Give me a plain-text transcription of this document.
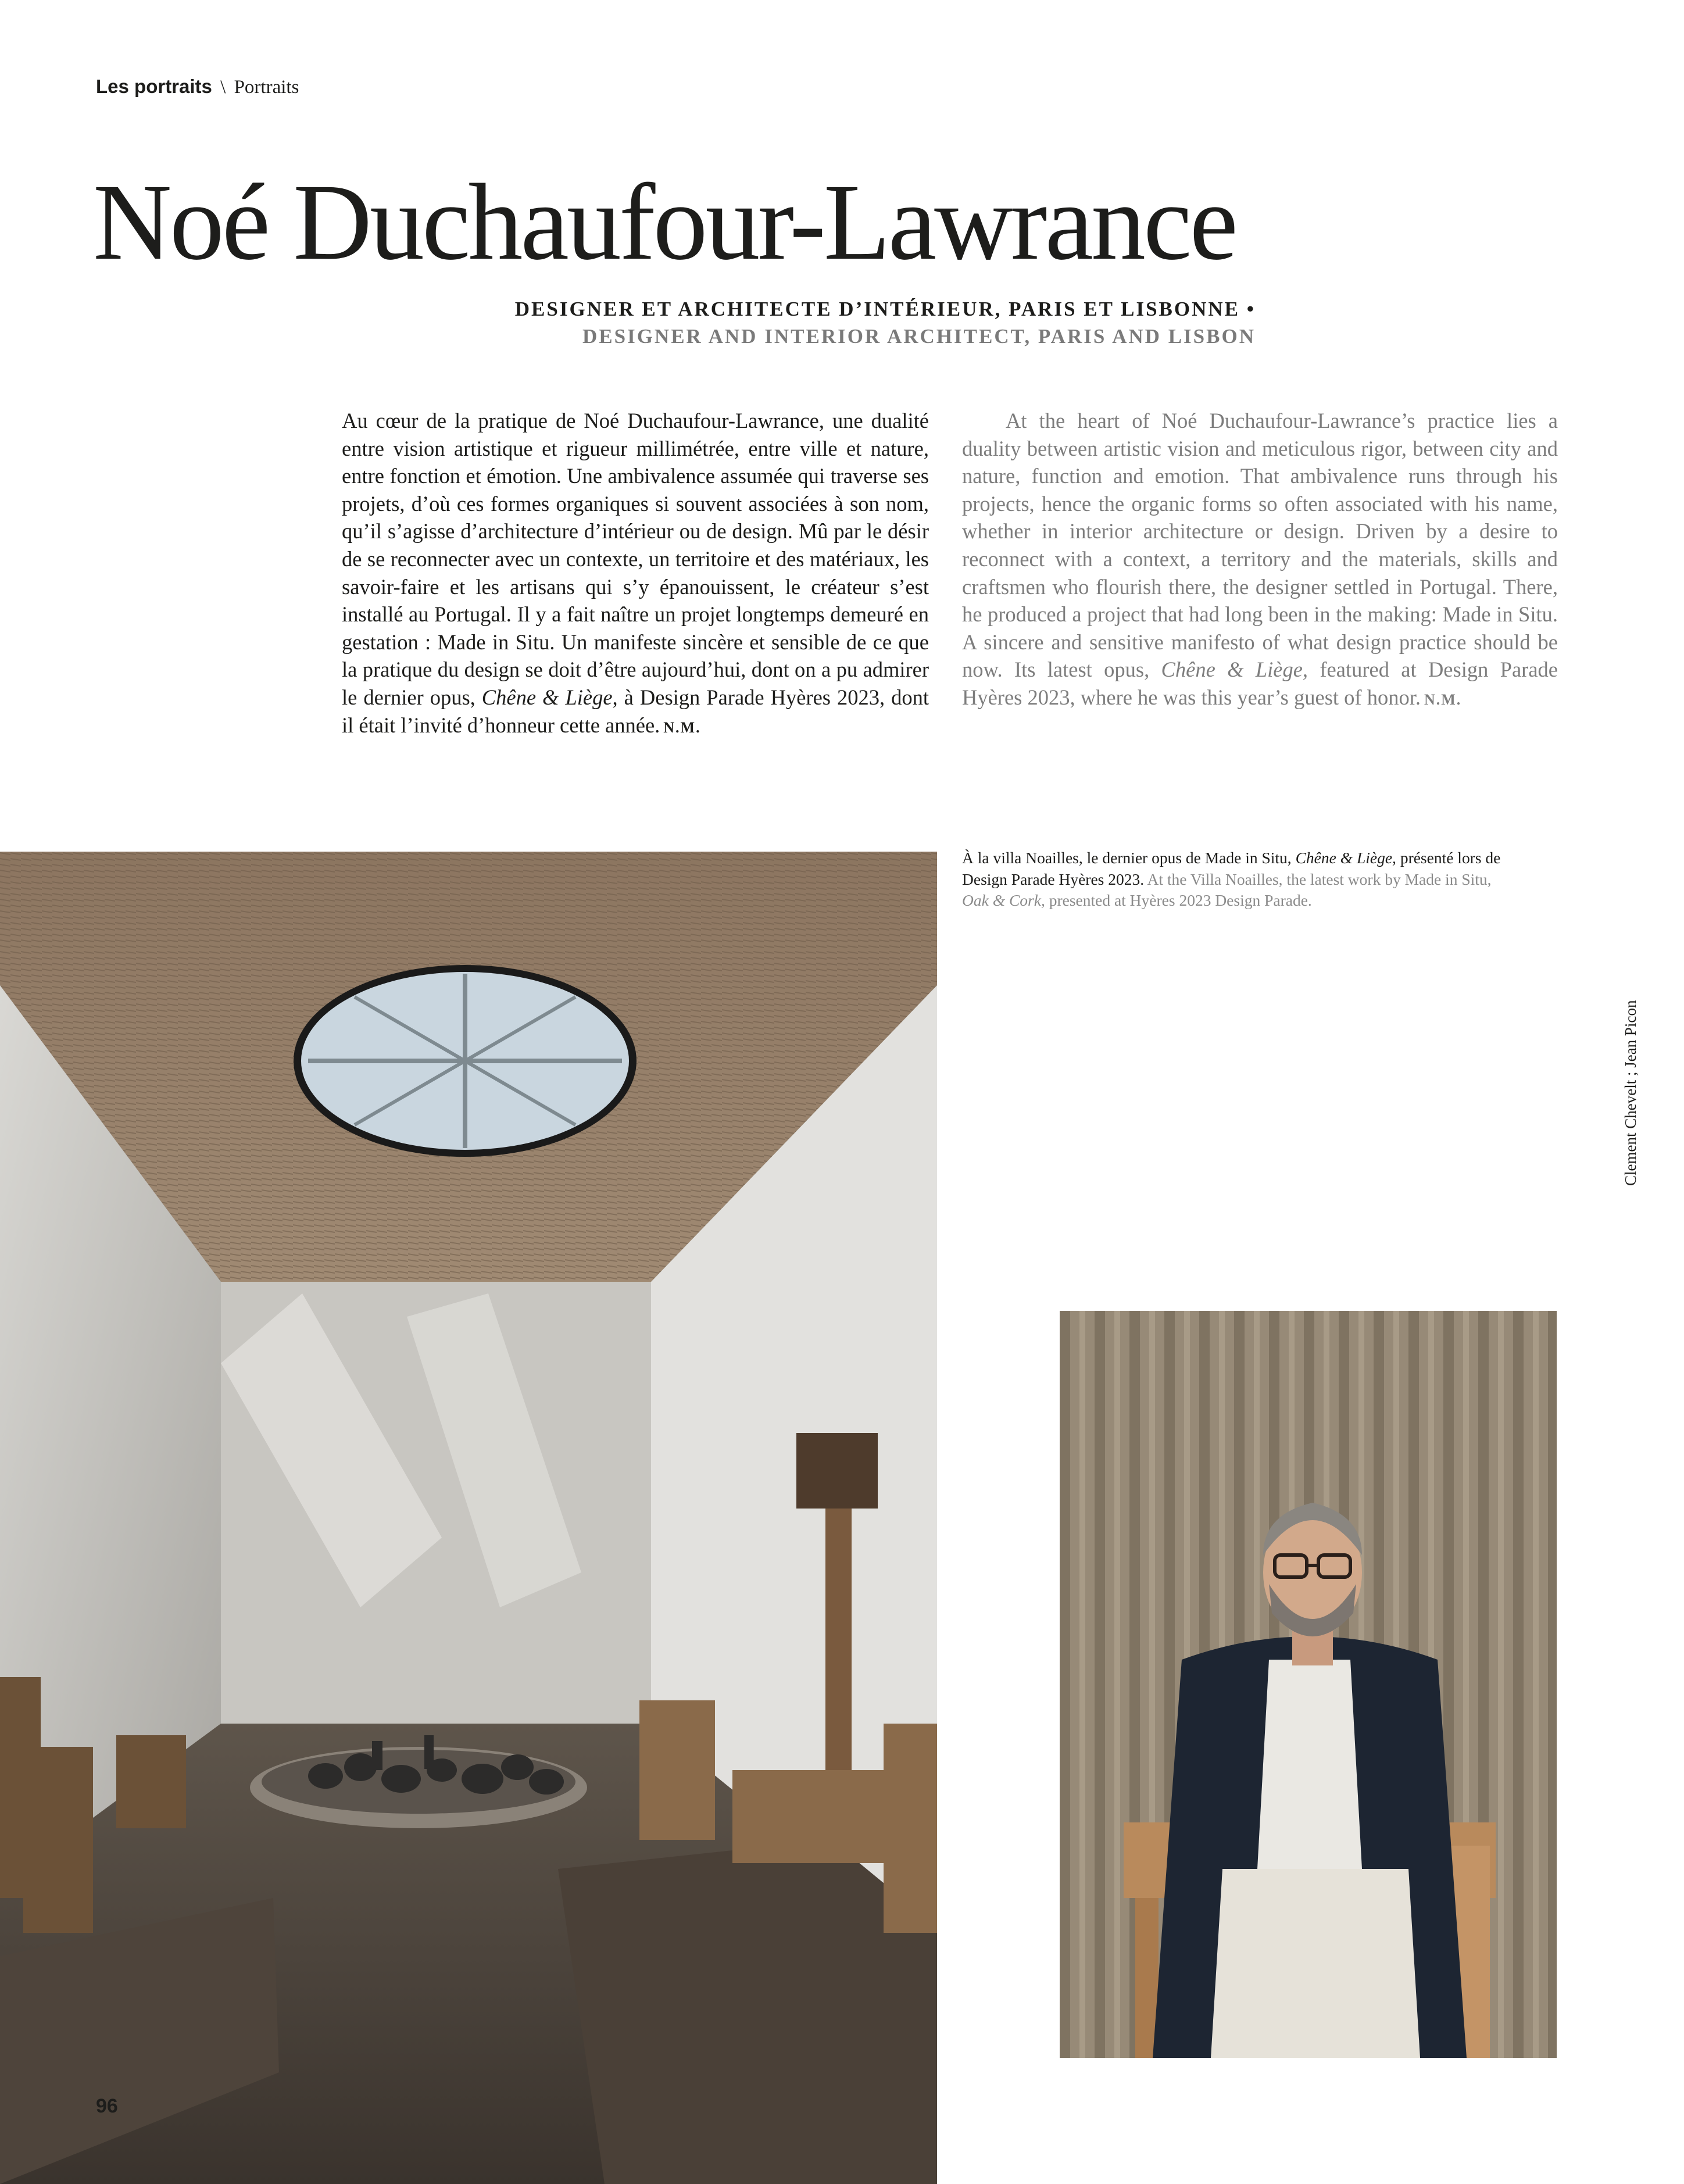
Les portraits \ Portraits
Noé Duchaufour-Lawrance
DESIGNER ET ARCHITECTE D’INTÉRIEUR, PARIS ET LISBONNE •
DESIGNER AND INTERIOR ARCHITECT, PARIS AND LISBON

Au cœur de la pratique de Noé Duchaufour-Lawrance, une dualité entre vision artistique et rigueur millimétrée, entre ville et nature, entre fonction et émotion. Une ambivalence assumée qui traverse ses projets, d’où ces formes organiques si souvent associées à son nom, qu’il s’agisse d’architecture d’intérieur ou de design. Mû par le désir de se reconnecter avec un contexte, un territoire et des matériaux, les savoir-faire et les artisans qui s’y épanouissent, le créateur s’est installé au Portugal. Il y a fait naître un projet longtemps demeuré en gestation : Made in Situ. Un manifeste sincère et sensible de ce que la pratique du design se doit d’être aujourd’hui, dont on a pu admirer le dernier opus, Chêne & Liège, à Design Parade Hyères 2023, dont il était l’invité d’honneur cette année. N.M.

At the heart of Noé Duchaufour-Lawrance’s practice lies a duality between artistic vision and meticulous rigor, between city and nature, function and emotion. That ambivalence runs through his projects, hence the organic forms so often associated with his name, whether in interior architecture or design. Driven by a desire to reconnect with a context, a territory and the materials, skills and craftsmen who flourish there, the designer settled in Portugal. There, he produced a project that had long been in the making: Made in Situ. A sincere and sensitive manifesto of what design practice should be now. Its latest opus, Chêne & Liège, featured at Design Parade Hyères 2023, where he was this year’s guest of honor. N.M.

À la villa Noailles, le dernier opus de Made in Situ, Chêne & Liège, présenté lors de Design Parade Hyères 2023. At the Villa Noailles, the latest work by Made in Situ, Oak & Cork, presented at Hyères 2023 Design Parade.
Clement Chevelt ; Jean Picon
96
